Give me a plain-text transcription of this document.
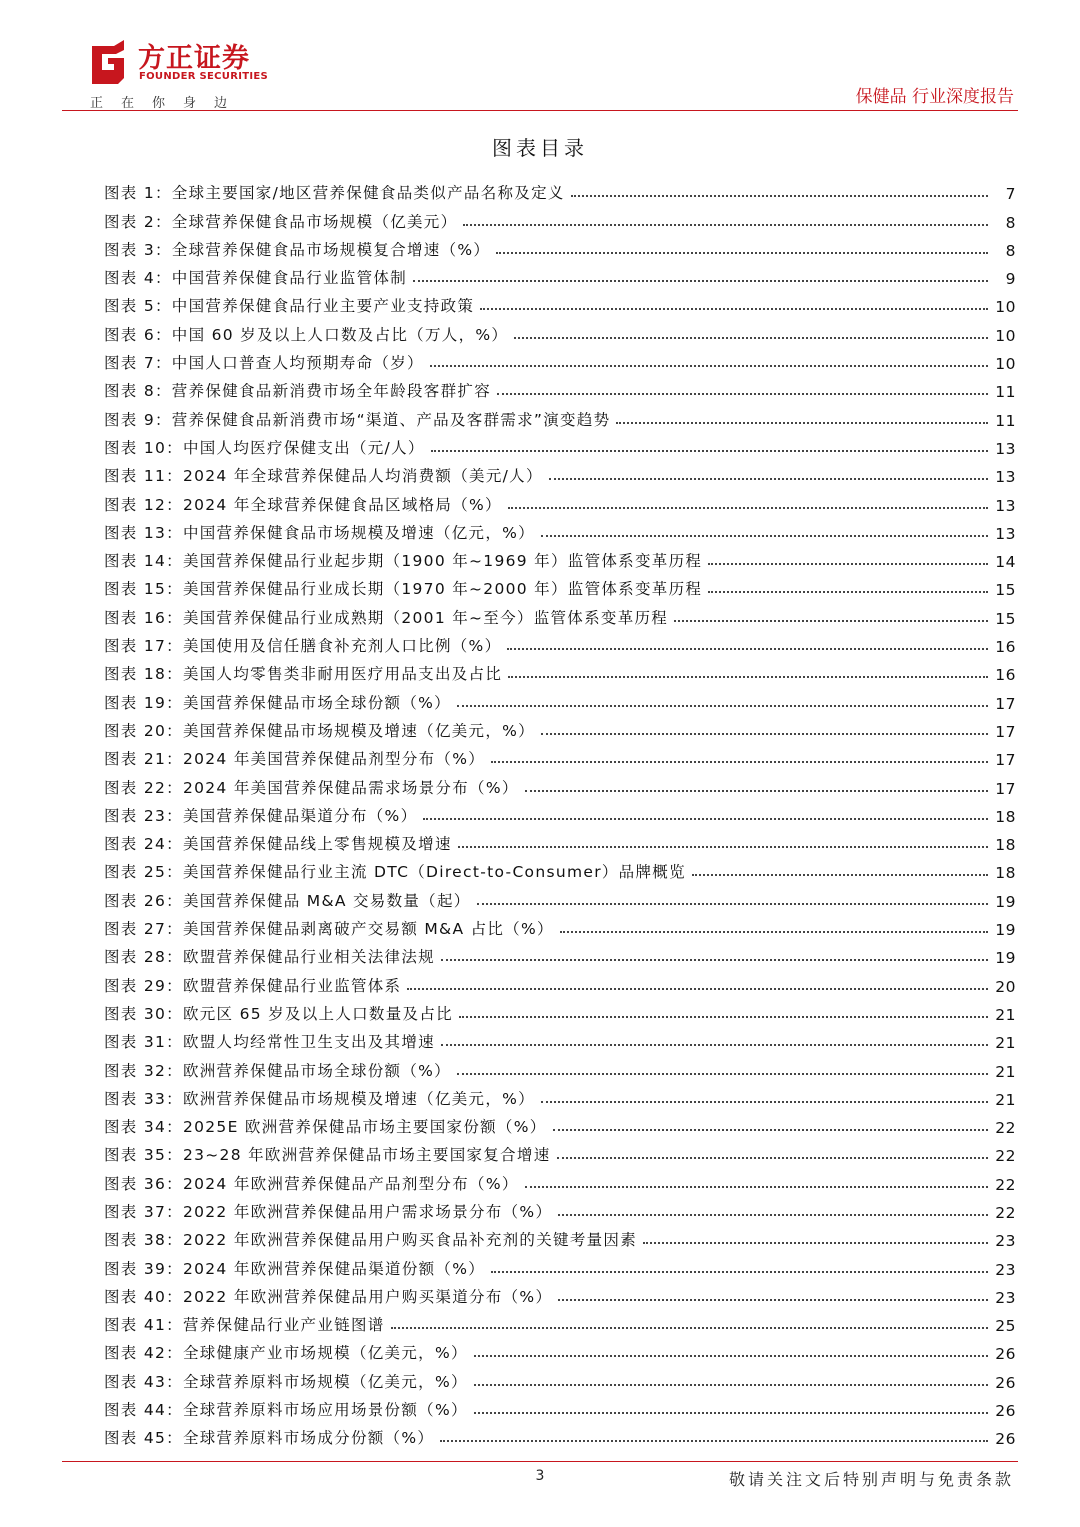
方正证券
FOUNDER SECURITIES
正在你身边	保健品 行业深度报告
图表目录
图表 1：全球主要国家/地区营养保健食品类似产品名称及定义	7
图表 2：全球营养保健食品市场规模（亿美元）	8
图表 3：全球营养保健食品市场规模复合增速（%）	8
图表 4：中国营养保健食品行业监管体制	9
图表 5：中国营养保健食品行业主要产业支持政策	10
图表 6：中国 60 岁及以上人口数及占比（万人，%）	10
图表 7：中国人口普查人均预期寿命（岁）	10
图表 8：营养保健食品新消费市场全年龄段客群扩容	11
图表 9：营养保健食品新消费市场“渠道、产品及客群需求”演变趋势	11
图表 10：中国人均医疗保健支出（元/人）	13
图表 11：2024 年全球营养保健品人均消费额（美元/人）	13
图表 12：2024 年全球营养保健食品区域格局（%）	13
图表 13：中国营养保健食品市场规模及增速（亿元，%）	13
图表 14：美国营养保健品行业起步期（1900 年~1969 年）监管体系变革历程	14
图表 15：美国营养保健品行业成长期（1970 年~2000 年）监管体系变革历程	15
图表 16：美国营养保健品行业成熟期（2001 年~至今）监管体系变革历程	15
图表 17：美国使用及信任膳食补充剂人口比例（%）	16
图表 18：美国人均零售类非耐用医疗用品支出及占比	16
图表 19：美国营养保健品市场全球份额（%）	17
图表 20：美国营养保健品市场规模及增速（亿美元，%）	17
图表 21：2024 年美国营养保健品剂型分布（%）	17
图表 22：2024 年美国营养保健品需求场景分布（%）	17
图表 23：美国营养保健品渠道分布（%）	18
图表 24：美国营养保健品线上零售规模及增速	18
图表 25：美国营养保健品行业主流 DTC（Direct-to-Consumer）品牌概览	18
图表 26：美国营养保健品 M&A 交易数量（起）	19
图表 27：美国营养保健品剥离破产交易额 M&A 占比（%）	19
图表 28：欧盟营养保健品行业相关法律法规	19
图表 29：欧盟营养保健品行业监管体系	20
图表 30：欧元区 65 岁及以上人口数量及占比	21
图表 31：欧盟人均经常性卫生支出及其增速	21
图表 32：欧洲营养保健品市场全球份额（%）	21
图表 33：欧洲营养保健品市场规模及增速（亿美元，%）	21
图表 34：2025E 欧洲营养保健品市场主要国家份额（%）	22
图表 35：23~28 年欧洲营养保健品市场主要国家复合增速	22
图表 36：2024 年欧洲营养保健品产品剂型分布（%）	22
图表 37：2022 年欧洲营养保健品用户需求场景分布（%）	22
图表 38：2022 年欧洲营养保健品用户购买食品补充剂的关键考量因素	23
图表 39：2024 年欧洲营养保健品渠道份额（%）	23
图表 40：2022 年欧洲营养保健品用户购买渠道分布（%）	23
图表 41：营养保健品行业产业链图谱	25
图表 42：全球健康产业市场规模（亿美元，%）	26
图表 43：全球营养原料市场规模（亿美元，%）	26
图表 44：全球营养原料市场应用场景份额（%）	26
图表 45：全球营养原料市场成分份额（%）	26
3	敬请关注文后特别声明与免责条款
